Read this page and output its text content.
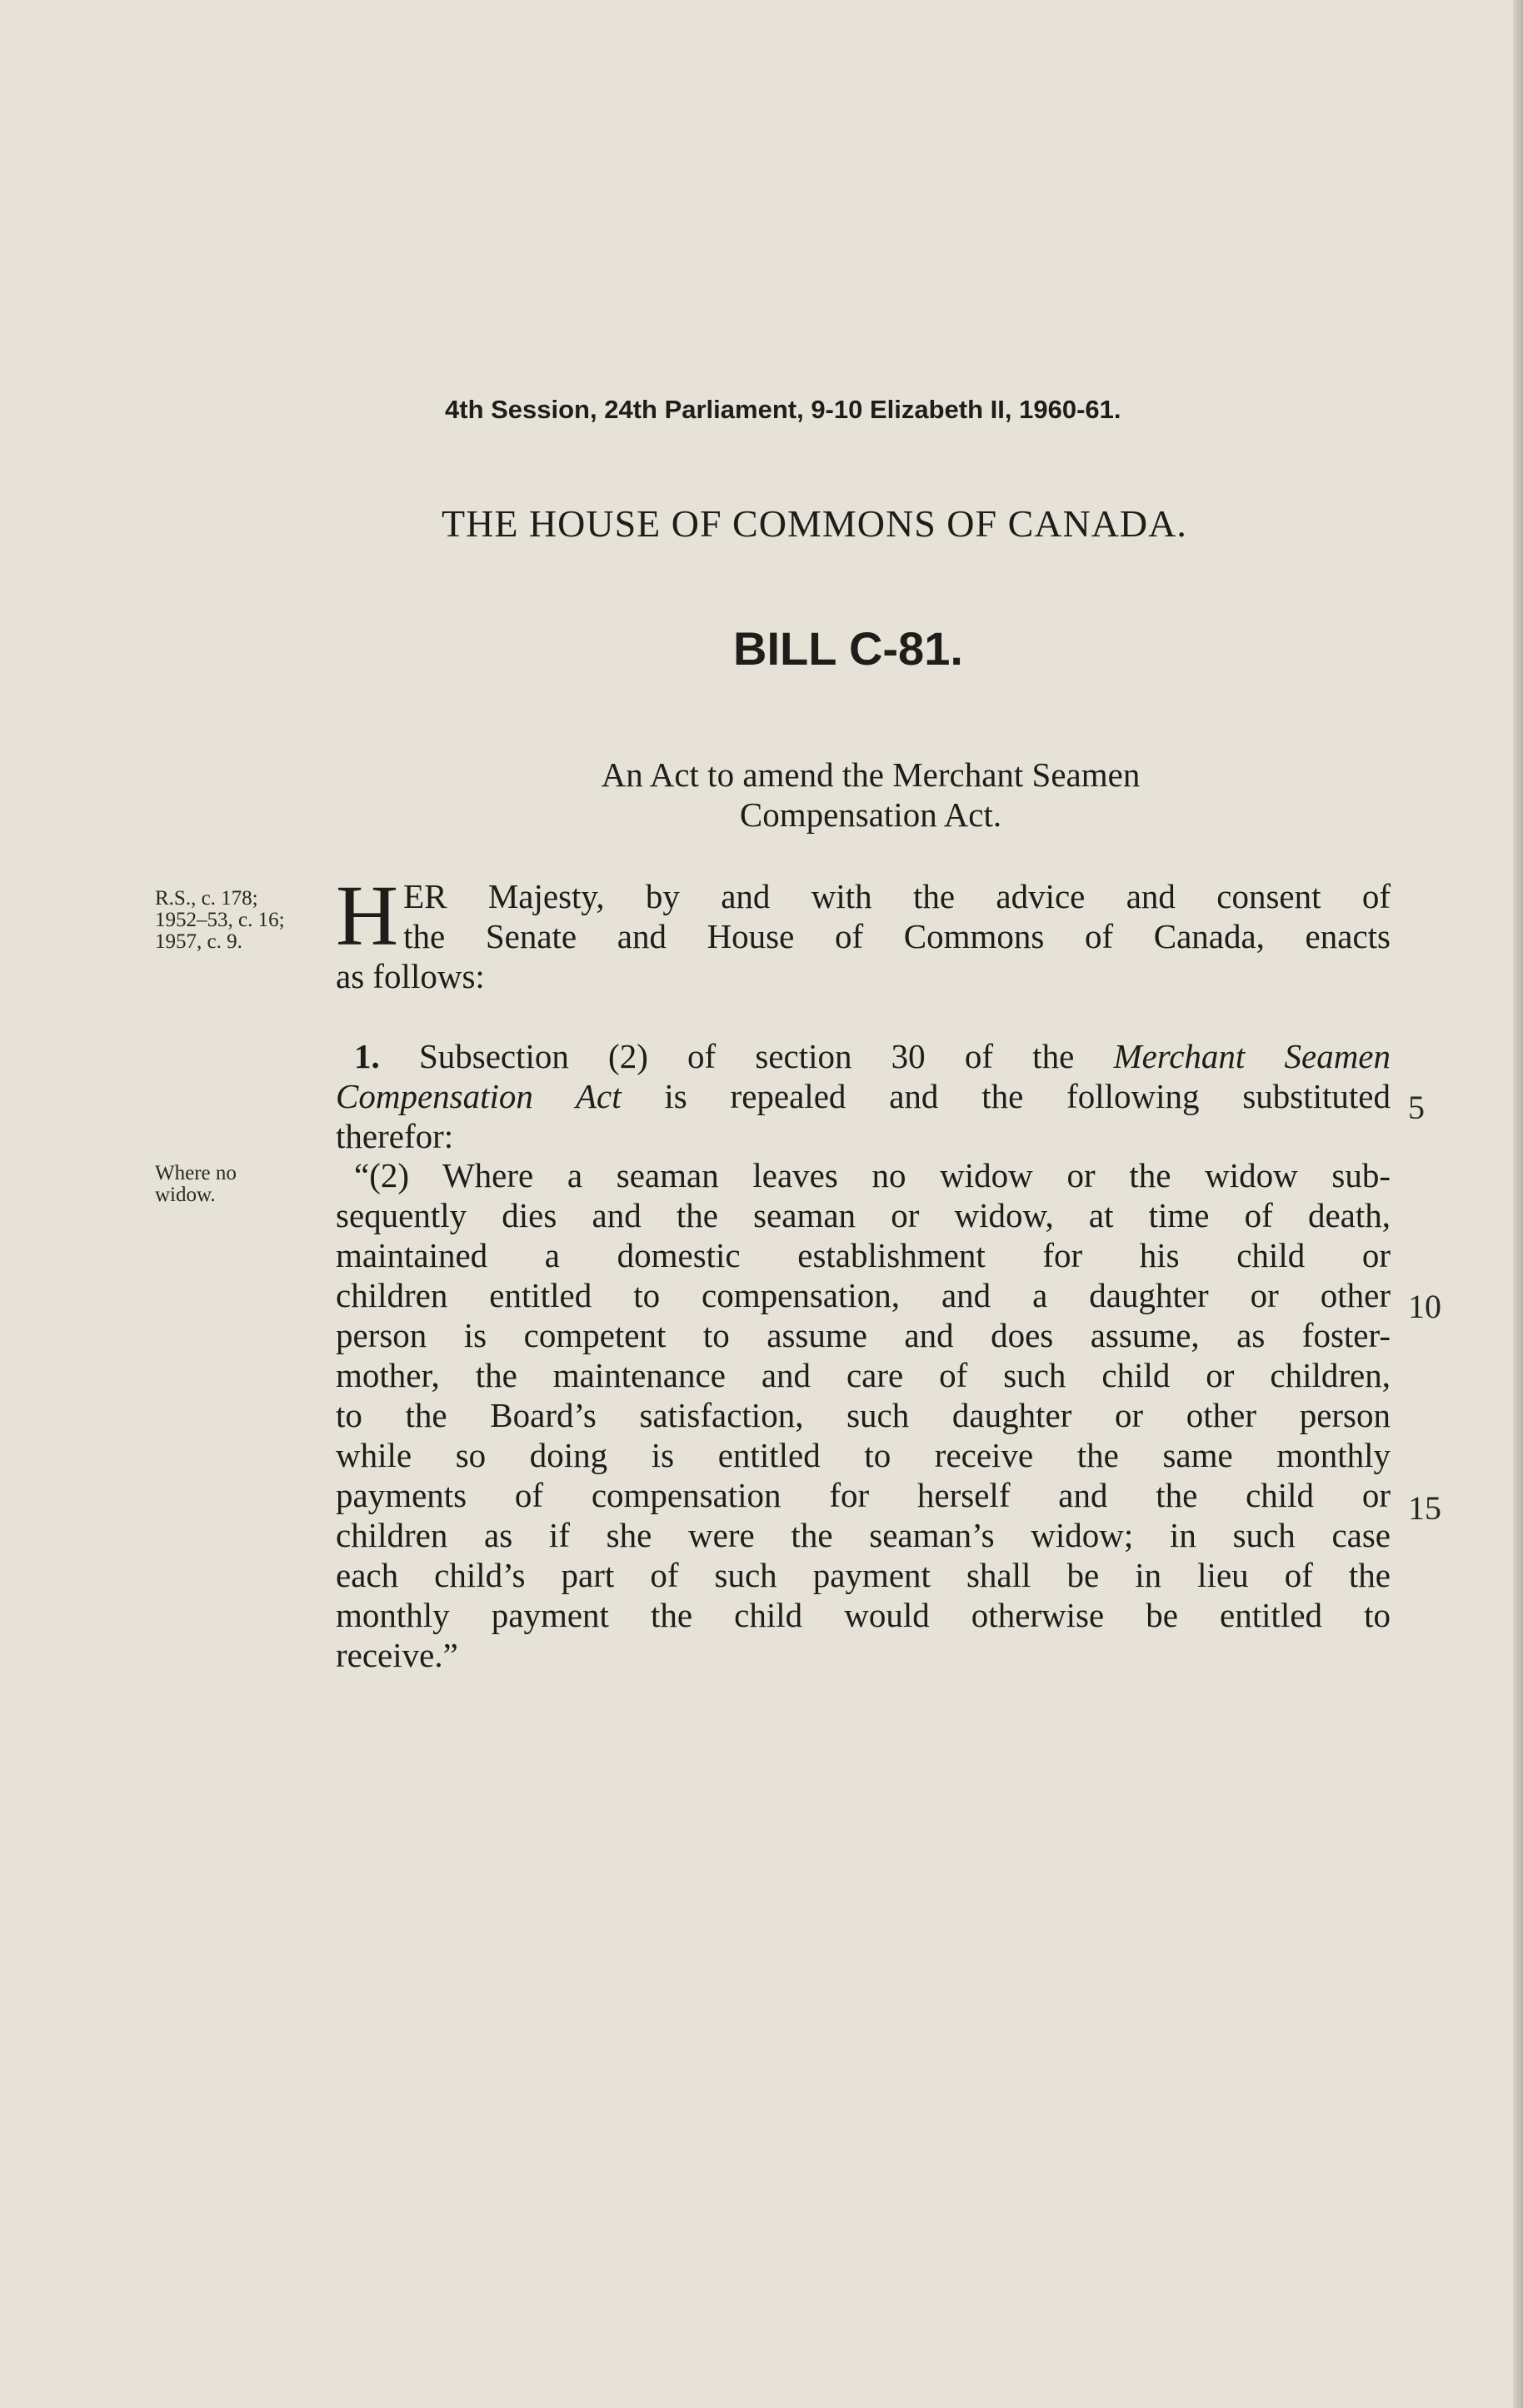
4th Session, 24th Parliament, 9-10 Elizabeth II, 1960-61.
THE HOUSE OF COMMONS OF CANADA.
BILL C-81.
An Act to amend the Merchant Seamen
Compensation Act.
R.S., c. 178;
1952–53, c. 16;
1957, c. 9.
Where no
widow.
H ER Majesty, by and with the advice and consent of
the Senate and House of Commons of Canada, enacts
as follows:
1. Subsection (2) of section 30 of the Merchant Seamen
Compensation Act is repealed and the following substituted
therefor:
“(2) Where a seaman leaves no widow or the widow sub-
sequently dies and the seaman or widow, at time of death,
maintained a domestic establishment for his child or
children entitled to compensation, and a daughter or other
person is competent to assume and does assume, as foster-
mother, the maintenance and care of such child or children,
to the Board’s satisfaction, such daughter or other person
while so doing is entitled to receive the same monthly
payments of compensation for herself and the child or
children as if she were the seaman’s widow; in such case
each child’s part of such payment shall be in lieu of the
monthly payment the child would otherwise be entitled to
receive.”
5
10
15
